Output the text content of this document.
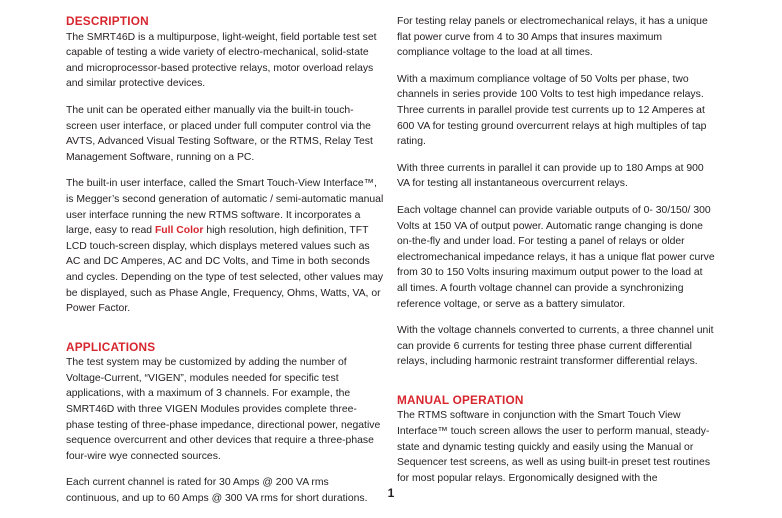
DESCRIPTION

The SMRT46D is a multipurpose, light-weight, field portable test set capable of testing a wide variety of electro-mechanical, solid-state and microprocessor-based protective relays, motor overload relays and similar protective devices.

The unit can be operated either manually via the built-in touch-screen user interface, or placed under full computer control via the AVTS, Advanced Visual Testing Software, or the RTMS, Relay Test Management Software, running on a PC.

The built-in user interface, called the Smart Touch-View Interface™, is Megger’s second generation of automatic / semi-automatic manual user interface running the new RTMS software. It incorporates a large, easy to read Full Color high resolution, high definition, TFT LCD touch-screen display, which displays metered values such as AC and DC Amperes, AC and DC Volts, and Time in both seconds and cycles. Depending on the type of test selected, other values may be displayed, such as Phase Angle, Frequency, Ohms, Watts, VA, or Power Factor.

APPLICATIONS

The test system may be customized by adding the number of Voltage-Current, “VIGEN”, modules needed for specific test applications, with a maximum of 3 channels. For example, the SMRT46D with three VIGEN Modules provides complete three-phase testing of three-phase impedance, directional power, negative sequence overcurrent and other devices that require a three-phase four-wire wye connected sources.

Each current channel is rated for 30 Amps @ 200 VA rms continuous, and up to 60 Amps @ 300 VA rms for short durations.

For testing relay panels or electromechanical relays, it has a unique flat power curve from 4 to 30 Amps that insures maximum compliance voltage to the load at all times.

With a maximum compliance voltage of 50 Volts per phase, two channels in series provide 100 Volts to test high impedance relays. Three currents in parallel provide test currents up to 12 Amperes at 600 VA for testing ground overcurrent relays at high multiples of tap rating.

With three currents in parallel it can provide up to 180 Amps at 900 VA for testing all instantaneous overcurrent relays.

Each voltage channel can provide variable outputs of 0- 30/150/ 300 Volts at 150 VA of output power. Automatic range changing is done on-the-fly and under load. For testing a panel of relays or older electromechanical impedance relays, it has a unique flat power curve from 30 to 150 Volts insuring maximum output power to the load at all times. A fourth voltage channel can provide a synchronizing reference voltage, or serve as a battery simulator.

With the voltage channels converted to currents, a three channel unit can provide 6 currents for testing three phase current differential relays, including harmonic restraint transformer differential relays.

MANUAL OPERATION

The RTMS software in conjunction with the Smart Touch View Interface™ touch screen allows the user to perform manual, steady-state and dynamic testing quickly and easily using the Manual or Sequencer test screens, as well as using built-in preset test routines for most popular relays. Ergonomically designed with the

1
